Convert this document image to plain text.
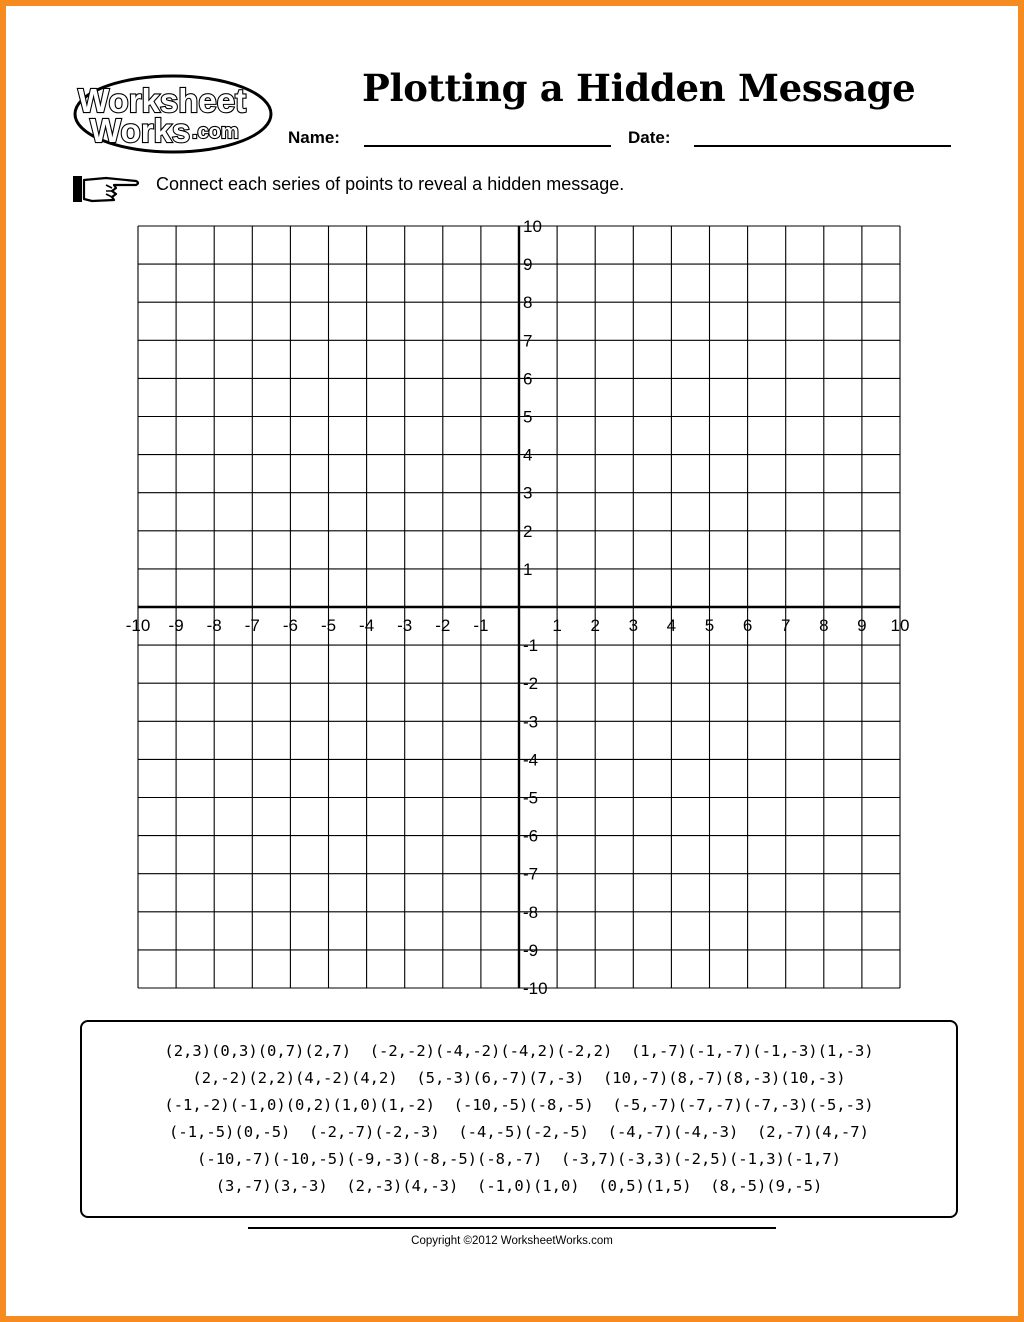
Worksheet
Works .com
Plotting a Hidden Message
Name:	Date:
Connect each series of points to reveal a hidden message.
-10 -9 -8 -7 -6 -5 -4 -3 -2 -1	1 2 3 4 5 6 7 8 9 10
10
9
8
7
6
5
4
3
2
1
-1
-2
-3
-4
-5
-6
-7
-8
-9
-10
(2,3)(0,3)(0,7)(2,7)  (-2,-2)(-4,-2)(-4,2)(-2,2)  (1,-7)(-1,-7)(-1,-3)(1,-3)
(2,-2)(2,2)(4,-2)(4,2)  (5,-3)(6,-7)(7,-3)  (10,-7)(8,-7)(8,-3)(10,-3)
(-1,-2)(-1,0)(0,2)(1,0)(1,-2)  (-10,-5)(-8,-5)  (-5,-7)(-7,-7)(-7,-3)(-5,-3)
(-1,-5)(0,-5)  (-2,-7)(-2,-3)  (-4,-5)(-2,-5)  (-4,-7)(-4,-3)  (2,-7)(4,-7)
(-10,-7)(-10,-5)(-9,-3)(-8,-5)(-8,-7)  (-3,7)(-3,3)(-2,5)(-1,3)(-1,7)
(3,-7)(3,-3)  (2,-3)(4,-3)  (-1,0)(1,0)  (0,5)(1,5)  (8,-5)(9,-5)
Copyright ©2012 WorksheetWorks.com
